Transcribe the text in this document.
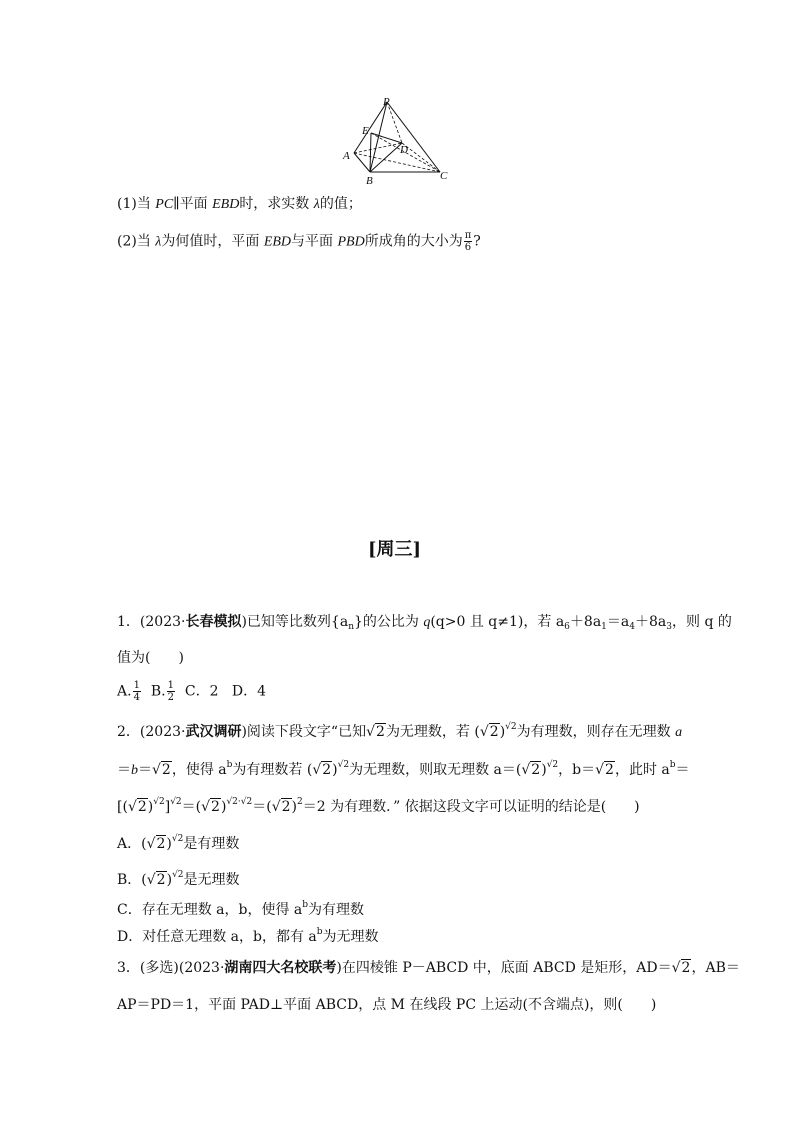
P
E
D
A
B	C
(1)当 PC∥平面 EBD时，求实数 λ的值；
(2)当 λ为何值时，平面 EBD与平面 PBD所成角的大小为 $\frac{\pi}{6}$ ?
[周三]
1．(2023·长春模拟)已知等比数列$\{a_n\}$的公比为 q(q>0 且 q≠1)，若 $a_6+8a_1=a_4+8a_3$，则 q 的
值为(　　)
A. $\frac{1}{4} B$. $\frac{1}{2}$ C．2 D．4
2．(2023·武汉调研)阅读下段文字“已知√2为无理数，若 $(√2)^{√2}$为有理数，则存在无理数 a
＝b＝√2，使得 $a^b$为有理数若 $(√2)^{√2}$为无理数，则取无理数 $a=(√2)^{√2}$，b＝√2，此时 $a^b=$
$[(√2)^{√2}]^{√2}=(√2)^{√2\cdot√2}=(√2)^2=2$ 为有理数．” 依据这段文字可以证明的结论是(　　)
A．$(√2)^{√2}$是有理数
B．$(√2)^{√2}$是无理数
C．存在无理数 a，b，使得 $a^b$为有理数
D．对任意无理数 a，b，都有 $a^b$为无理数
3．(多选)(2023·湖南四大名校联考)在四棱锥 P－ABCD 中，底面 ABCD 是矩形，AD＝√2，AB＝
AP＝PD＝1，平面 PAD⊥平面 ABCD，点 M 在线段 PC 上运动(不含端点)，则(　　)
